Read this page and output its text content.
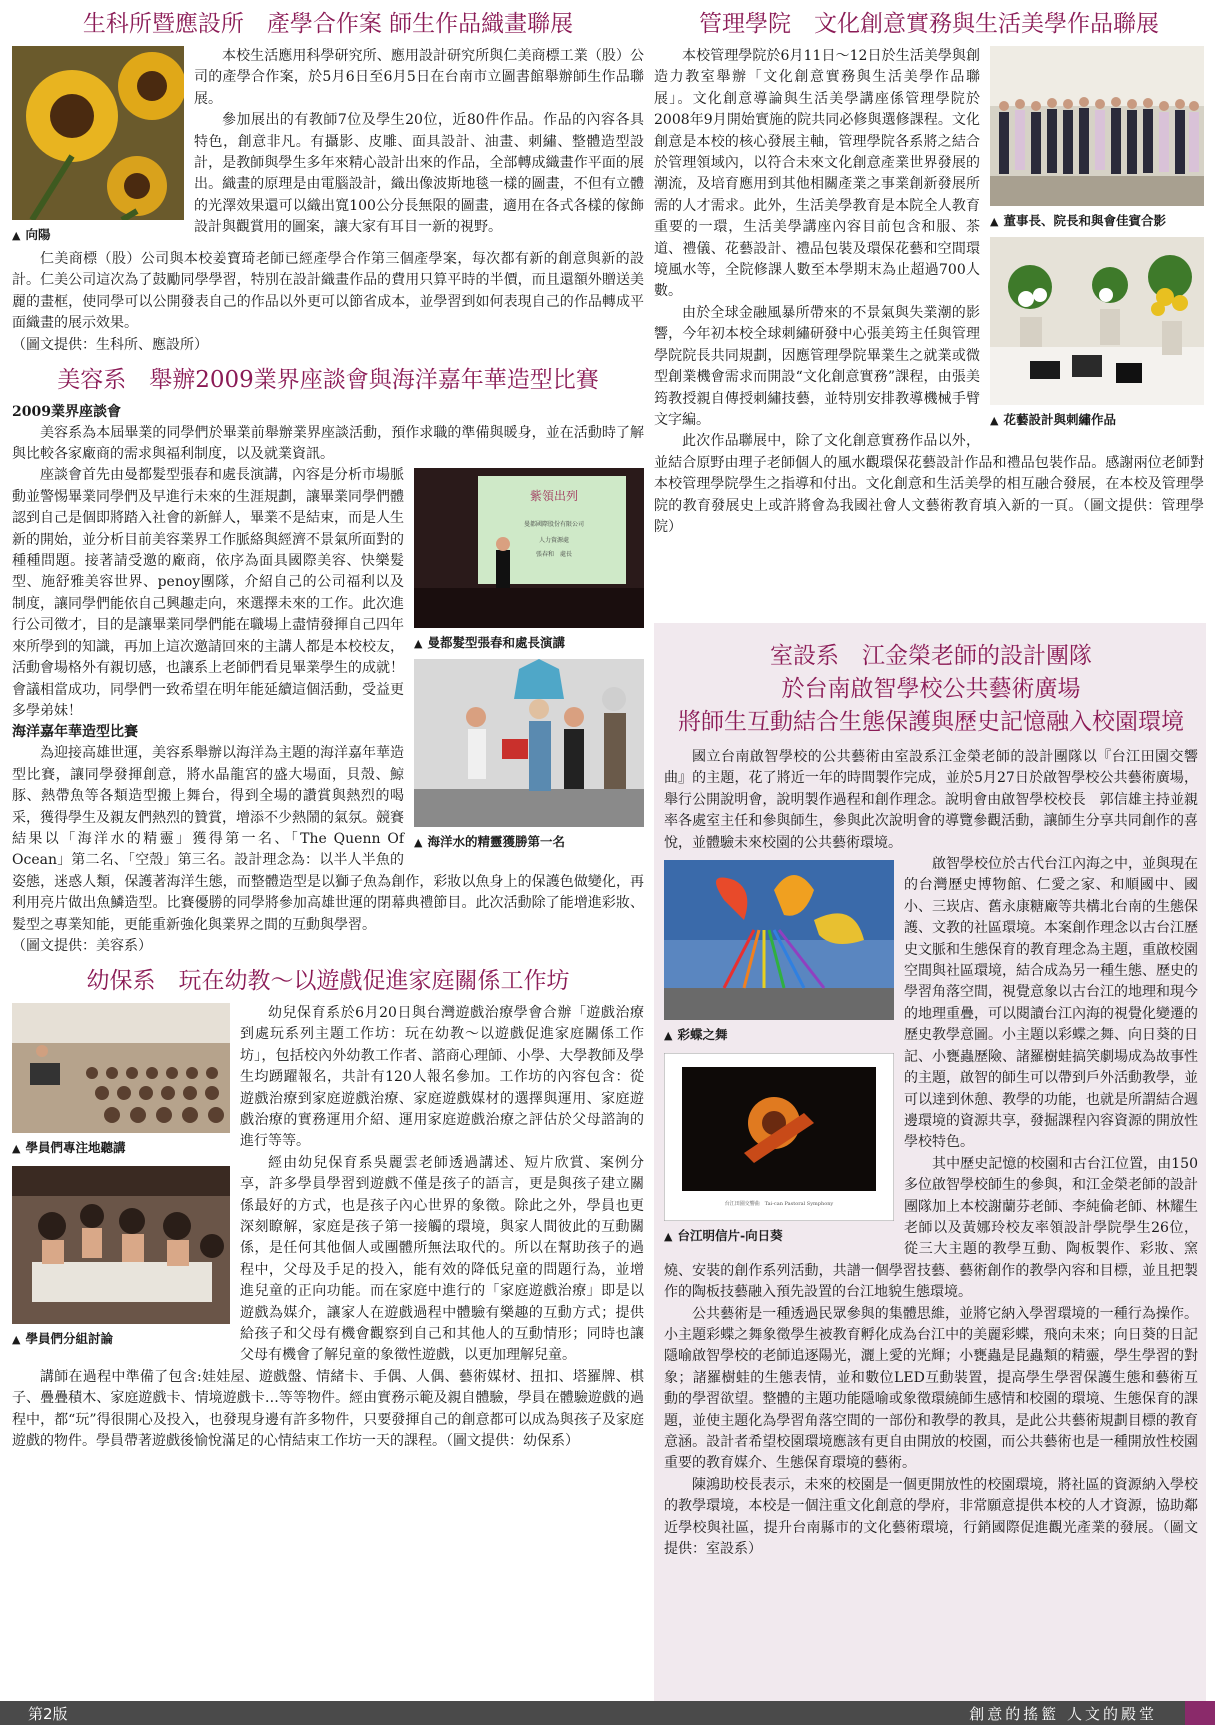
生科所暨應設所　產學合作案 師生作品織畫聯展
▲ 向陽

本校生活應用科學研究所、應用設計研究所與仁美商標工業（股）公司的產學合作案，於5月6日至6月5日在台南市立圖書館舉辦師生作品聯展。

參加展出的有教師7位及學生20位，近80件作品。作品的內容各具特色，創意非凡。有攝影、皮雕、面具設計、油畫、刺繡、整體造型設計，是教師與學生多年來精心設計出來的作品，全部轉成織畫作平面的展出。織畫的原理是由電腦設計，織出像波斯地毯一樣的圖畫，不但有立體的光澤效果還可以織出寬100公分長無限的圖畫，適用在各式各樣的傢飾設計與觀賞用的圖案，讓大家有耳目一新的視野。

仁美商標（股）公司與本校姜寶琦老師已經產學合作第三個產學案，每次都有新的創意與新的設計。仁美公司這次為了鼓勵同學學習，特別在設計織畫作品的費用只算平時的半價，而且還額外贈送美麗的畫框，使同學可以公開發表自己的作品以外更可以節省成本，並學習到如何表現自己的作品轉成平面織畫的展示效果。

（圖文提供：生科所、應設所）

美容系　舉辦2009業界座談會與海洋嘉年華造型比賽

2009業界座談會

美容系為本屆畢業的同學們於畢業前舉辦業界座談活動，預作求職的準備與暖身，並在活動時了解與比較各家廠商的需求與福利制度，以及就業資訊。

紫領出列
曼都國際股份有限公司
人力資源處
張春和　處長
▲ 曼都髮型張春和處長演講
▲ 海洋水的精靈獲勝第一名

座談會首先由曼都髮型張春和處長演講，內容是分析市場脈動並警惕畢業同學們及早進行未來的生涯規劃，讓畢業同學們體認到自己是個即將踏入社會的新鮮人，畢業不是結束，而是人生新的開始，並分析目前美容業界工作脈絡與經濟不景氣所面對的種種問題。接著請受邀的廠商，依序為面具國際美容、快樂髮型、施舒雅美容世界、penoy團隊，介紹自己的公司福利以及制度，讓同學們能依自己興趣走向，來選擇未來的工作。此次進行公司徵才，目的是讓畢業同學們能在職場上盡情發揮自己四年來所學到的知識，再加上這次邀請回來的主講人都是本校校友，活動會場格外有親切感，也讓系上老師們看見畢業學生的成就！會議相當成功，同學們一致希望在明年能延續這個活動，受益更多學弟妹！

海洋嘉年華造型比賽

為迎接高雄世運，美容系舉辦以海洋為主題的海洋嘉年華造型比賽，讓同學發揮創意，將水晶龍宮的盛大場面，貝殼、鯨豚、熱帶魚等各類造型搬上舞台，得到全場的讚賞與熱烈的喝采，獲得學生及親友們熱烈的贊賞，增添不少熱鬧的氣氛。競賽結果以「海洋水的精靈」獲得第一名、「The Quenn Of Ocean」第二名、「空殼」第三名。設計理念為：以半人半魚的姿態，迷惑人類，保護著海洋生態，而整體造型是以獅子魚為創作，彩妝以魚身上的保護色做變化，再利用亮片做出魚鱗造型。比賽優勝的同學將參加高雄世運的閉幕典禮節目。此次活動除了能增進彩妝、髮型之專業知能，更能重新強化與業界之間的互動與學習。

（圖文提供：美容系）

幼保系　玩在幼教～以遊戲促進家庭關係工作坊
▲ 學員們專注地聽講
▲ 學員們分組討論

幼兒保育系於6月20日與台灣遊戲治療學會合辦「遊戲治療到處玩系列主題工作坊：玩在幼教～以遊戲促進家庭關係工作坊」，包括校內外幼教工作者、諮商心理師、小學、大學教師及學生均踴躍報名，共計有120人報名參加。工作坊的內容包含：從遊戲治療到家庭遊戲治療、家庭遊戲媒材的選擇與運用、家庭遊戲治療的實務運用介紹、運用家庭遊戲治療之評估於父母諮詢的進行等等。

經由幼兒保育系吳麗雲老師透過講述、短片欣賞、案例分享，許多學員學習到遊戲不僅是孩子的語言，更是與孩子建立關係最好的方式，也是孩子內心世界的象徵。除此之外，學員也更深刻瞭解，家庭是孩子第一接觸的環境，與家人間彼此的互動關係，是任何其他個人或團體所無法取代的。所以在幫助孩子的過程中，父母及手足的投入，能有效的降低兒童的問題行為，並增進兒童的正向功能。而在家庭中進行的「家庭遊戲治療」即是以遊戲為媒介，讓家人在遊戲過程中體驗有樂趣的互動方式；提供給孩子和父母有機會觀察到自己和其他人的互動情形；同時也讓父母有機會了解兒童的象徵性遊戲，以更加理解兒童。

講師在過程中準備了包含:娃娃屋、遊戲盤、情緒卡、手偶、人偶、藝術媒材、扭扣、塔羅牌、棋子、疊疊積木、家庭遊戲卡、情境遊戲卡…等等物件。經由實務示範及親自體驗，學員在體驗遊戲的過程中，都“玩”得很開心及投入，也發現身邊有許多物件，只要發揮自己的創意都可以成為與孩子及家庭遊戲的物件。學員帶著遊戲後愉悅滿足的心情結束工作坊一天的課程。（圖文提供：幼保系）

管理學院　文化創意實務與生活美學作品聯展
▲ 董事長、院長和與會佳賓合影
▲ 花藝設計與刺繡作品

本校管理學院於6月11日～12日於生活美學與創造力教室舉辦「文化創意實務與生活美學作品聯展」。文化創意導論與生活美學講座係管理學院於2008年9月開始實施的院共同必修與選修課程。文化創意是本校的核心發展主軸，管理學院各系將之結合於管理領域內，以符合未來文化創意產業世界發展的潮流，及培育應用到其他相關產業之事業創新發展所需的人才需求。此外，生活美學教育是本院全人教育重要的一環，生活美學講座內容目前包含和服、茶道、禮儀、花藝設計、禮品包裝及環保花藝和空間環境風水等，全院修課人數至本學期末為止超過700人數。

由於全球金融風暴所帶來的不景氣與失業潮的影響，今年初本校全球刺繡研發中心張美筠主任與管理學院院長共同規劃，因應管理學院畢業生之就業或微型創業機會需求而開設“文化創意實務”課程，由張美筠教授親自傳授刺繡技藝，並特別安排教導機械手臂文字編。

此次作品聯展中，除了文化創意實務作品以外，並結合原野由理子老師個人的風水觀環保花藝設計作品和禮品包裝作品。感謝兩位老師對本校管理學院學生之指導和付出。文化創意和生活美學的相互融合發展，在本校及管理學院的教育發展史上或許將會為我國社會人文藝術教育填入新的一頁。（圖文提供：管理學院）

室設系　江金榮老師的設計團隊
於台南啟智學校公共藝術廣場
將師生互動結合生態保護與歷史記憶融入校園環境

國立台南啟智學校的公共藝術由室設系江金榮老師的設計團隊以『台江田園交響曲』的主題，花了將近一年的時間製作完成，並於5月27日於啟智學校公共藝術廣場，舉行公開說明會，說明製作過程和創作理念。說明會由啟智學校校長　郭信雄主持並親率各處室主任和參與師生，參與此次說明會的導覽參觀活動，讓師生分享共同創作的喜悅，並體驗未來校園的公共藝術環境。

▲ 彩蝶之舞
台江田園交響曲　Tai-can Pastoral Symphony
▲ 台江明信片-向日葵

啟智學校位於古代台江內海之中，並與現在的台灣歷史博物館、仁愛之家、和順國中、國小、三崁店、舊永康糖廠等共構北台南的生態保護、文教的社區環境。本案創作理念以古台江歷史文脈和生態保育的教育理念為主題，重啟校園空間與社區環境，結合成為另一種生態、歷史的學習角落空間，視覺意象以古台江的地理和現今的地理重疊，可以閱讀台江內海的視覺化變遷的歷史教學意圖。小主題以彩蝶之舞、向日葵的日記、小甕蟲歷險、諸羅樹蛙搞笑劇場成為故事性的主題，啟智的師生可以帶到戶外活動教學，並可以達到休憩、教學的功能，也就是所謂結合週邊環境的資源共享，發掘課程內容資源的開放性學校特色。

其中歷史記憶的校園和古台江位置，由150多位啟智學校師生的參與，和江金榮老師的設計團隊加上本校謝蘭芬老師、李純倫老師、林耀生老師以及黃娜玲校友率領設計學院學生26位，從三大主題的教學互動、陶板製作、彩妝、窯燒、安裝的創作系列活動，共譜一個學習技藝、藝術創作的教學內容和目標，並且把製作的陶板技藝融入預先設置的台江地貌生態環境。

公共藝術是一種透過民眾參與的集體思維，並將它納入學習環境的一種行為操作。小主題彩蝶之舞象徵學生被教育孵化成為台江中的美麗彩蝶，飛向未來；向日葵的日記隱喻啟智學校的老師追逐陽光，灑上愛的光輝；小甕蟲是昆蟲類的精靈，學生學習的對象；諸羅樹蛙的生態表情，並和數位LED互動裝置，提高學生學習保護生態和藝術互動的學習欲望。整體的主題功能隱喻或象徵環繞師生感情和校園的環境、生態保育的課題，並使主題化為學習角落空間的一部份和教學的教具，是此公共藝術規劃目標的教育意涵。設計者希望校園環境應該有更自由開放的校園，而公共藝術也是一種開放性校園重要的教育媒介、生態保育環境的藝術。

陳鴻助校長表示，未來的校園是一個更開放性的校園環境，將社區的資源納入學校的教學環境，本校是一個注重文化創意的學府，非常願意提供本校的人才資源，協助鄰近學校與社區，提升台南縣市的文化藝術環境，行銷國際促進觀光產業的發展。（圖文提供：室設系）

第2版	創意的搖籃 人文的殿堂
